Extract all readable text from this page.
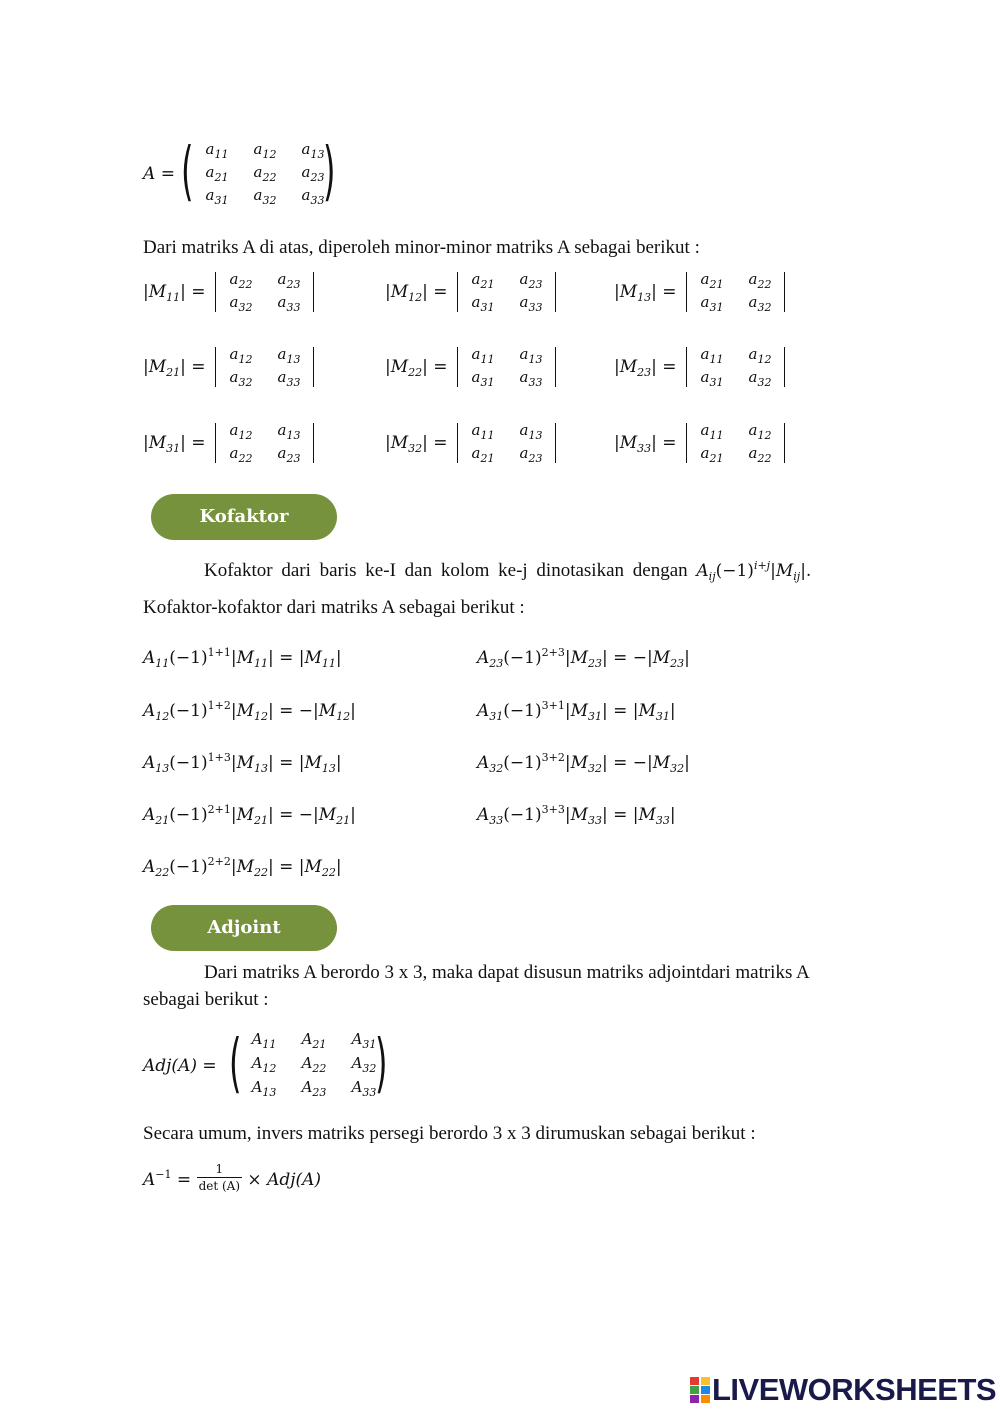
A = ( $a_{11}$	$a_{12}$	$a_{13}$
$a_{21}$	$a_{22}$	$a_{23}$
$a_{31}$	$a_{32}$	$a_{33}$
)
Dari matriks A di atas, diperoleh minor-minor matriks A sebagai berikut :
$|M_{11}|$ =
$a_{22}$	$a_{23}$
$a_{32}$	$a_{33}$
$|M_{21}|$ =
$a_{12}$	$a_{13}$
$a_{32}$	$a_{33}$
$|M_{31}|$ =
$a_{12}$	$a_{13}$
$a_{22}$	$a_{23}$
$|M_{12}|$ =
$a_{21}$	$a_{23}$
$a_{31}$	$a_{33}$
$|M_{22}|$ =
$a_{11}$	$a_{13}$
$a_{31}$	$a_{33}$
$|M_{32}|$ =
$a_{11}$	$a_{13}$
$a_{21}$	$a_{23}$
$|M_{13}|$ =
$a_{21}$	$a_{22}$
$a_{31}$	$a_{32}$
$|M_{23}|$ =
$a_{11}$	$a_{12}$
$a_{31}$	$a_{32}$
$|M_{33}|$ =
$a_{11}$	$a_{12}$
$a_{21}$	$a_{22}$
Kofaktor
Kofaktor dari baris ke-I dan kolom ke-j dinotasikan dengan $A_{ij}(-1)^{i+j}|M_{ij}|$.
Kofaktor-kofaktor dari matriks A sebagai berikut :
$A_{11}(-1)^{1+1}|M_{11}| = |M_{11}|$	$A_{23}(-1)^{2+3}|M_{23}| = -|M_{23}|$
$A_{12}(-1)^{1+2}|M_{12}| = -|M_{12}|$	$A_{31}(-1)^{3+1}|M_{31}| = |M_{31}|$
$A_{13}(-1)^{1+3}|M_{13}| = |M_{13}|$	$A_{32}(-1)^{3+2}|M_{32}| = -|M_{32}|$
$A_{21}(-1)^{2+1}|M_{21}| = -|M_{21}|$	$A_{33}(-1)^{3+3}|M_{33}| = |M_{33}|$
$A_{22}(-1)^{2+2}|M_{22}| = |M_{22}|$
Adjoint
Dari matriks A berordo 3 x 3, maka dapat disusun matriks adjointdari matriks A
sebagai berikut :
Adj(A) = ( $A_{11}$	$A_{21}$	$A_{31}$
$A_{12}$	$A_{22}$	$A_{32}$
$A_{13}$	$A_{23}$	$A_{33}$
)
Secara umum, invers matriks persegi berordo 3 x 3 dirumuskan sebagai berikut :
$A^{-1}$ =
1
det (A) × Adj(A)
LIVEWORKSHEETS
